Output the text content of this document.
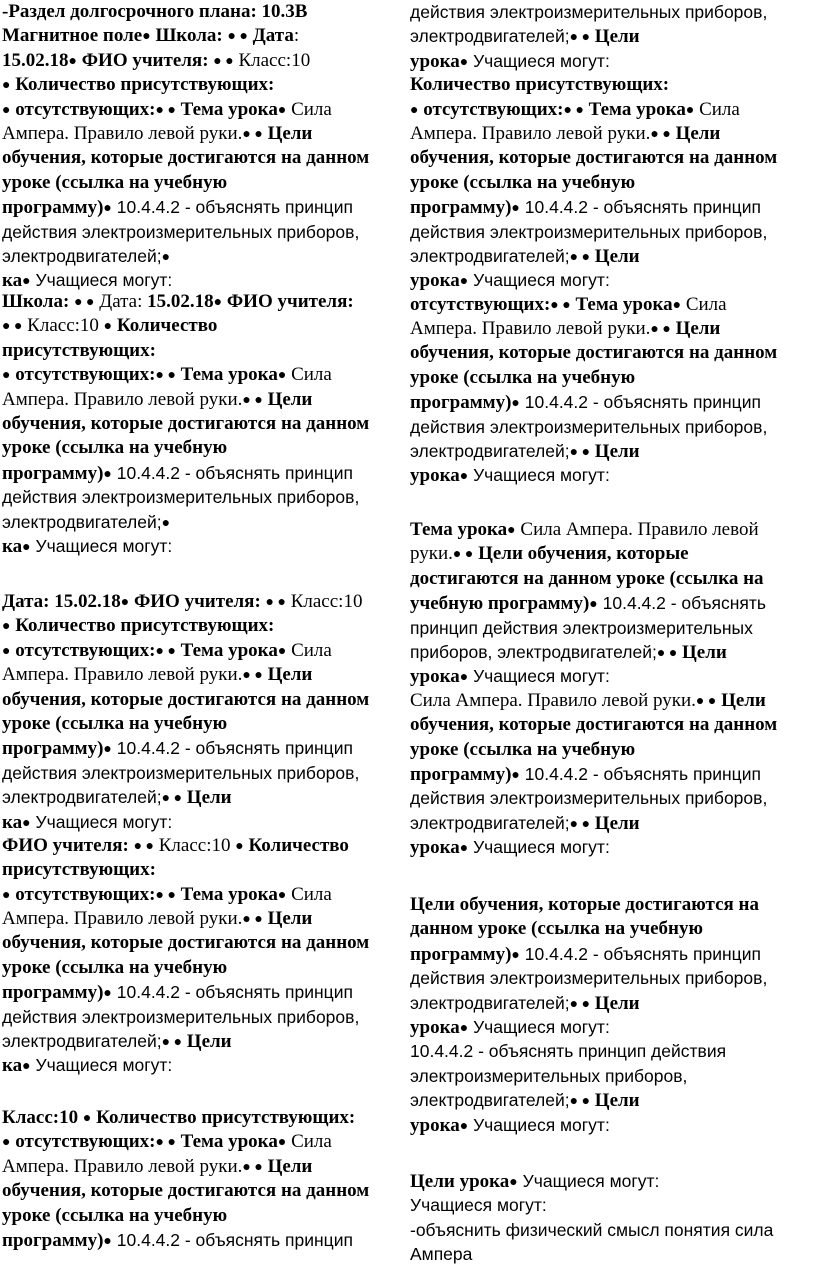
-Раздел долгосрочного плана: 10.3В
Магнитное поле● Школа: ● ● Дата:
15.02.18● ФИО учителя: ● ● Класс:10
● Количество присутствующих:
● отсутствующих:● ● Тема урока● Сила
Ампера. Правило левой руки.● ● Цели
обучения, которые достигаются на данном
уроке (ссылка на учебную
программу)● 10.4.4.2 - объяснять принцип
действия электроизмерительных приборов,
электродвигателей;●
ка● Учащиеся могут:
Школа: ● ● Дата: 15.02.18● ФИО учителя:
● ● Класс:10 ● Количество
присутствующих:
● отсутствующих:● ● Тема урока● Сила
Ампера. Правило левой руки.● ● Цели
обучения, которые достигаются на данном
уроке (ссылка на учебную
программу)● 10.4.4.2 - объяснять принцип
действия электроизмерительных приборов,
электродвигателей;●
ка● Учащиеся могут:
Дата: 15.02.18● ФИО учителя: ● ● Класс:10
● Количество присутствующих:
● отсутствующих:● ● Тема урока● Сила
Ампера. Правило левой руки.● ● Цели
обучения, которые достигаются на данном
уроке (ссылка на учебную
программу)● 10.4.4.2 - объяснять принцип
действия электроизмерительных приборов,
электродвигателей;● ● Цели
ка● Учащиеся могут:
ФИО учителя: ● ● Класс:10 ● Количество
присутствующих:
● отсутствующих:● ● Тема урока● Сила
Ампера. Правило левой руки.● ● Цели
обучения, которые достигаются на данном
уроке (ссылка на учебную
программу)● 10.4.4.2 - объяснять принцип
действия электроизмерительных приборов,
электродвигателей;● ● Цели
ка● Учащиеся могут:
Класс:10 ● Количество присутствующих:
● отсутствующих:● ● Тема урока● Сила
Ампера. Правило левой руки.● ● Цели
обучения, которые достигаются на данном
уроке (ссылка на учебную
программу)● 10.4.4.2 - объяснять принцип
действия электроизмерительных приборов,
электродвигателей;● ● Цели
урока● Учащиеся могут:
Количество присутствующих:
● отсутствующих:● ● Тема урока● Сила
Ампера. Правило левой руки.● ● Цели
обучения, которые достигаются на данном
уроке (ссылка на учебную
программу)● 10.4.4.2 - объяснять принцип
действия электроизмерительных приборов,
электродвигателей;● ● Цели
урока● Учащиеся могут:
отсутствующих:● ● Тема урока● Сила
Ампера. Правило левой руки.● ● Цели
обучения, которые достигаются на данном
уроке (ссылка на учебную
программу)● 10.4.4.2 - объяснять принцип
действия электроизмерительных приборов,
электродвигателей;● ● Цели
урока● Учащиеся могут:
Тема урока● Сила Ампера. Правило левой
руки.● ● Цели обучения, которые
достигаются на данном уроке (ссылка на
учебную программу)● 10.4.4.2 - объяснять
принцип действия электроизмерительных
приборов, электродвигателей;● ● Цели
урока● Учащиеся могут:
Сила Ампера. Правило левой руки.● ● Цели
обучения, которые достигаются на данном
уроке (ссылка на учебную
программу)● 10.4.4.2 - объяснять принцип
действия электроизмерительных приборов,
электродвигателей;● ● Цели
урока● Учащиеся могут:
Цели обучения, которые достигаются на
данном уроке (ссылка на учебную
программу)● 10.4.4.2 - объяснять принцип
действия электроизмерительных приборов,
электродвигателей;● ● Цели
урока● Учащиеся могут:
10.4.4.2 - объяснять принцип действия
электроизмерительных приборов,
электродвигателей;● ● Цели
урока● Учащиеся могут:
Цели урока● Учащиеся могут:
Учащиеся могут:
-объяснить физический смысл понятия сила
Ампера
